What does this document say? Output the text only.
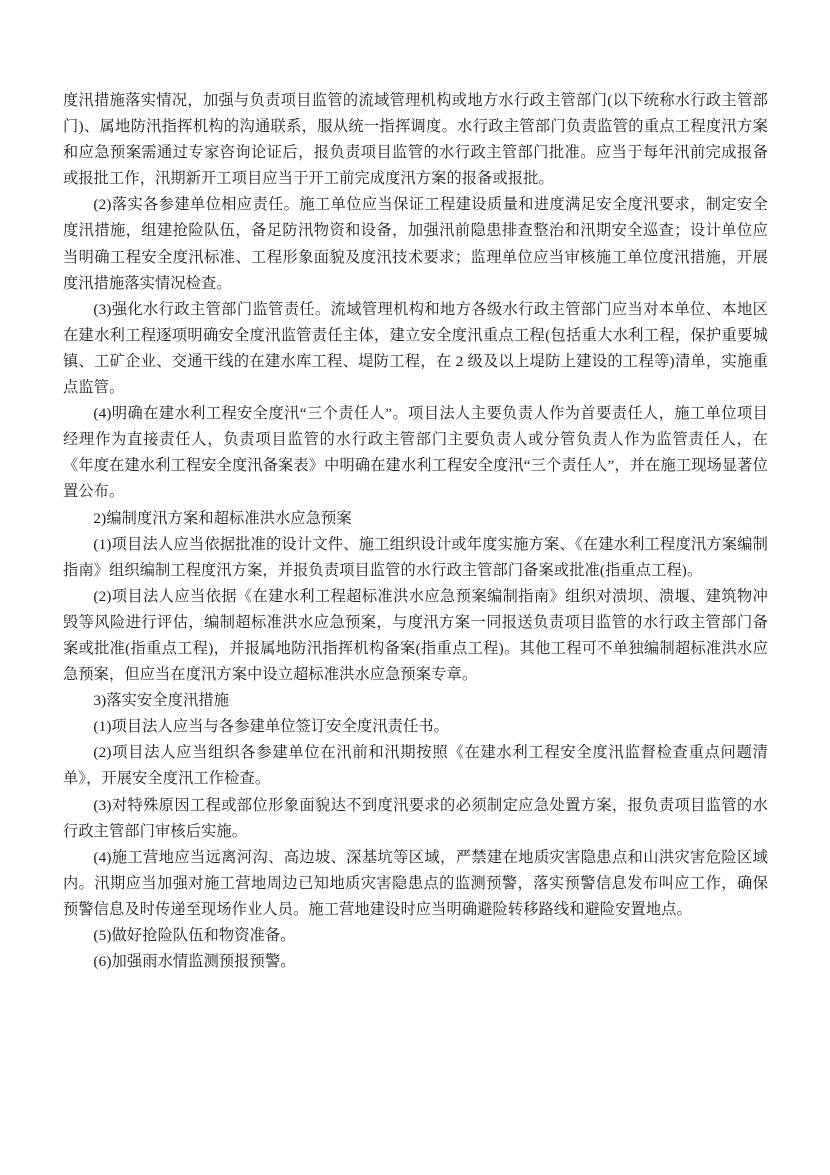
度汛措施落实情况，加强与负责项目监管的流域管理机构或地方水行政主管部门(以下统称水行政主管部门)、属地防汛指挥机构的沟通联系，服从统一指挥调度。水行政主管部门负责监管的重点工程度汛方案和应急预案需通过专家咨询论证后，报负责项目监管的水行政主管部门批准。应当于每年汛前完成报备或报批工作，汛期新开工项目应当于开工前完成度汛方案的报备或报批。

(2)落实各参建单位相应责任。施工单位应当保证工程建设质量和进度满足安全度汛要求，制定安全度汛措施，组建抢险队伍，备足防汛物资和设备，加强汛前隐患排查整治和汛期安全巡查；设计单位应当明确工程安全度汛标准、工程形象面貌及度汛技术要求；监理单位应当审核施工单位度汛措施，开展度汛措施落实情况检查。

(3)强化水行政主管部门监管责任。流域管理机构和地方各级水行政主管部门应当对本单位、本地区在建水利工程逐项明确安全度汛监管责任主体，建立安全度汛重点工程(包括重大水利工程，保护重要城镇、工矿企业、交通干线的在建水库工程、堤防工程，在 2 级及以上堤防上建设的工程等)清单，实施重点监管。

(4)明确在建水利工程安全度汛“三个责任人”。项目法人主要负责人作为首要责任人，施工单位项目经理作为直接责任人，负责项目监管的水行政主管部门主要负责人或分管负责人作为监管责任人，在《年度在建水利工程安全度汛备案表》中明确在建水利工程安全度汛“三个责任人”，并在施工现场显著位置公布。

2)编制度汛方案和超标准洪水应急预案

(1)项目法人应当依据批准的设计文件、施工组织设计或年度实施方案、《在建水利工程度汛方案编制指南》组织编制工程度汛方案，并报负责项目监管的水行政主管部门备案或批准(指重点工程)。

(2)项目法人应当依据《在建水利工程超标准洪水应急预案编制指南》组织对溃坝、溃堰、建筑物冲毁等风险进行评估，编制超标准洪水应急预案，与度汛方案一同报送负责项目监管的水行政主管部门备案或批准(指重点工程)，并报属地防汛指挥机构备案(指重点工程)。其他工程可不单独编制超标准洪水应急预案，但应当在度汛方案中设立超标准洪水应急预案专章。

3)落实安全度汛措施

(1)项目法人应当与各参建单位签订安全度汛责任书。

(2)项目法人应当组织各参建单位在汛前和汛期按照《在建水利工程安全度汛监督检查重点问题清单》，开展安全度汛工作检查。

(3)对特殊原因工程或部位形象面貌达不到度汛要求的必须制定应急处置方案，报负责项目监管的水行政主管部门审核后实施。

(4)施工营地应当远离河沟、高边坡、深基坑等区域，严禁建在地质灾害隐患点和山洪灾害危险区域内。汛期应当加强对施工营地周边已知地质灾害隐患点的监测预警，落实预警信息发布叫应工作，确保预警信息及时传递至现场作业人员。施工营地建设时应当明确避险转移路线和避险安置地点。

(5)做好抢险队伍和物资准备。

(6)加强雨水情监测预报预警。
